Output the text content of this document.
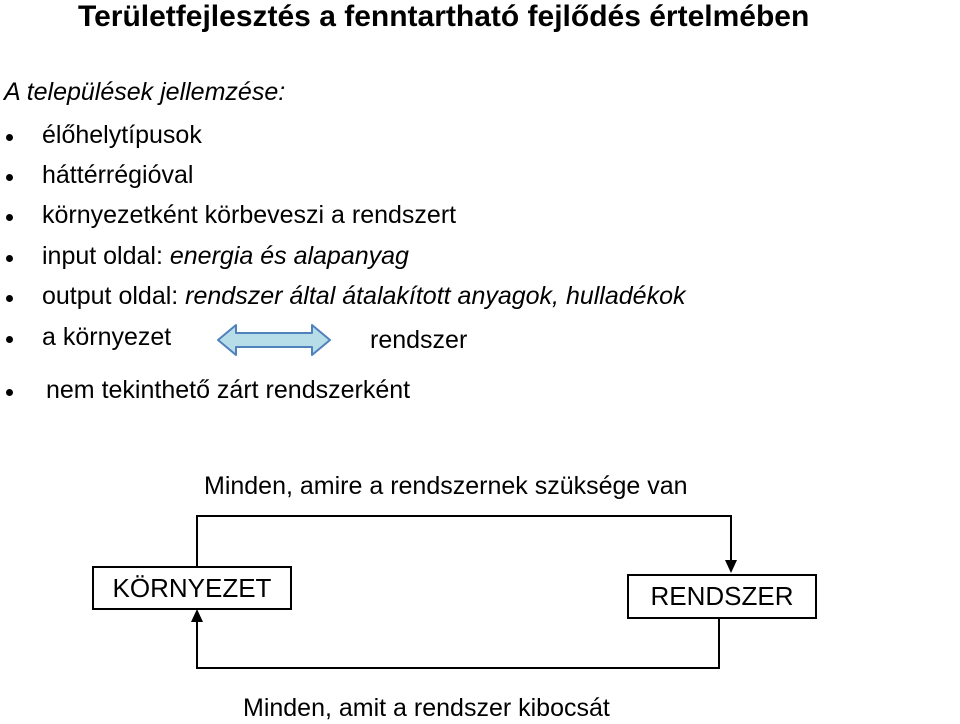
Területfejlesztés a fenntartható fejlődés értelmében
A települések jellemzése:
élőhelytípusok
háttérrégióval
környezetként körbeveszi a rendszert
input oldal: energia és alapanyag
output oldal: rendszer által átalakított anyagok, hulladékok
a környezet	rendszer
nem tekinthető zárt rendszerként
Minden, amire a rendszernek szüksége van
KÖRNYEZET	RENDSZER
Minden, amit a rendszer kibocsát
